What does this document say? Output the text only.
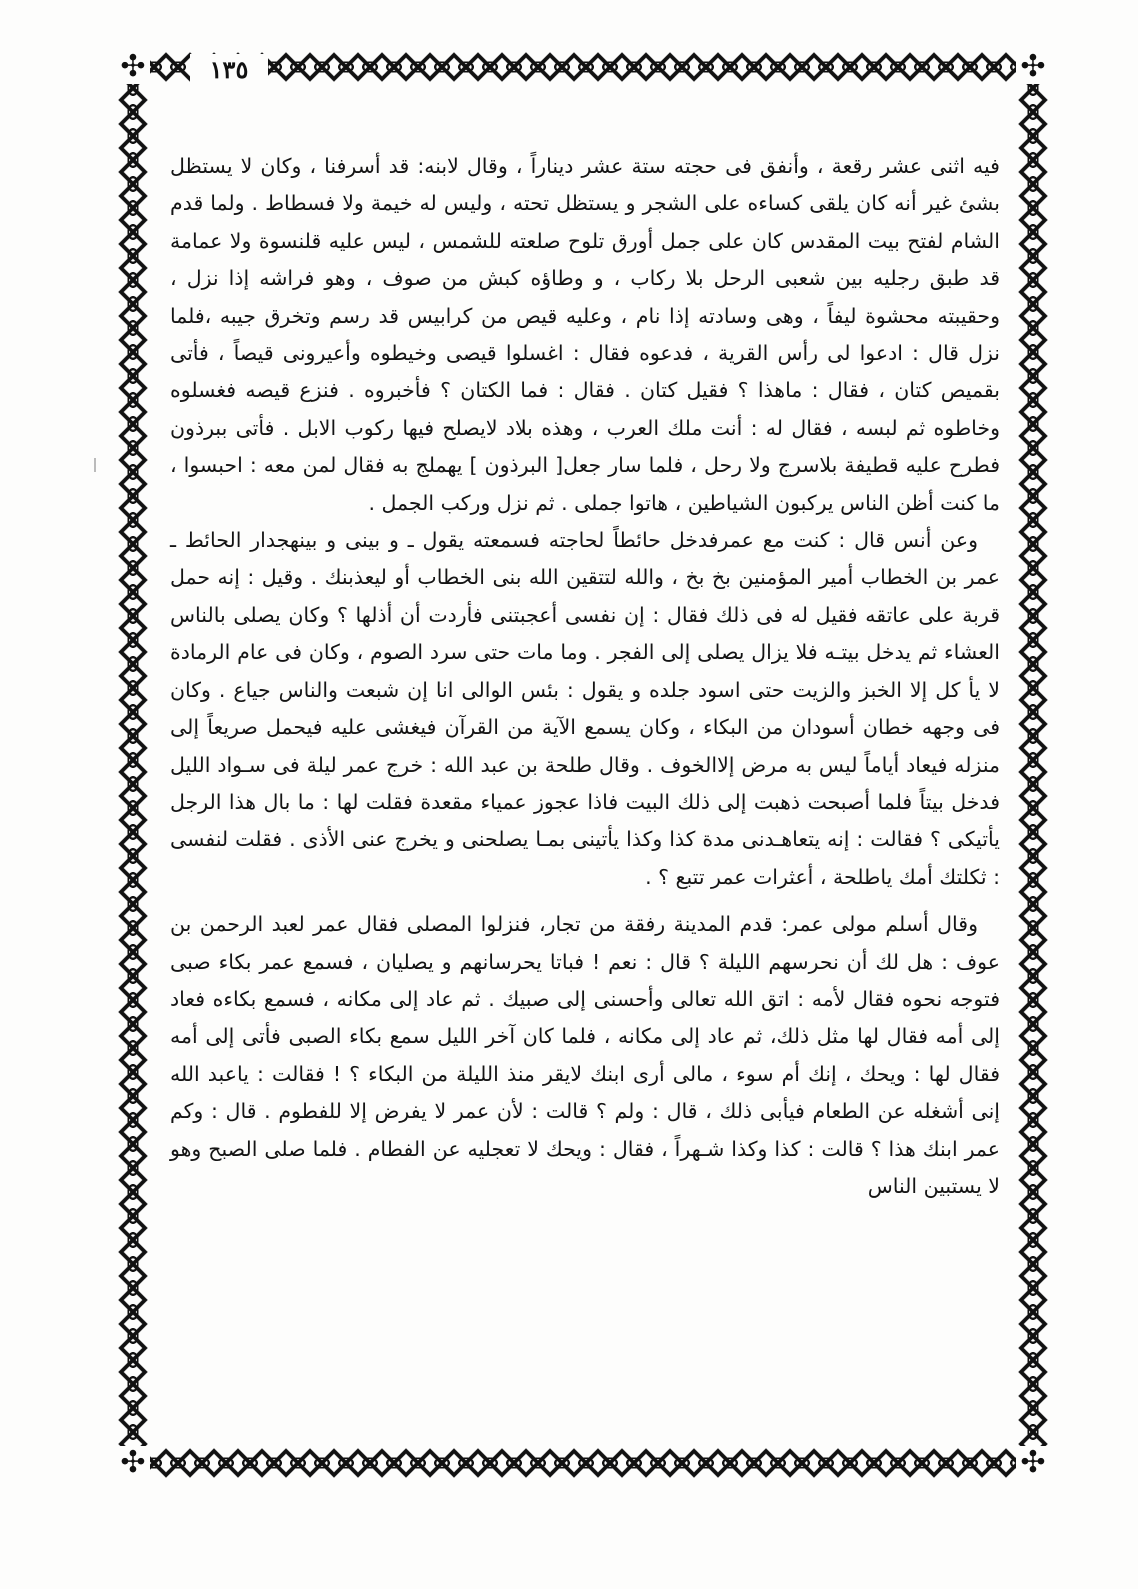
✣	✣
✣	✣
١٣٥

فيه اثنى عشر رقعة ، وأنفق فى حجته ستة عشر ديناراً ، وقال لابنه: قد أسرفنا ، وكان لا يستظل بشئ غير أنه كان يلقى كساءه على الشجر و يستظل تحته ، وليس له خيمة ولا فسطاط . ولما قدم الشام لفتح بيت المقدس كان على جمل أورق تلوح صلعته للشمس ، ليس عليه قلنسوة ولا عمامة قد طبق رجليه بين شعبى الرحل بلا ركاب ، و وطاؤه كبش من صوف ، وهو فراشه إذا نزل ، وحقيبته محشوة ليفاً ، وهى وسادته إذا نام ، وعليه قيص من كرابيس قد رسم وتخرق جيبه ،فلما نزل قال : ادعوا لى رأس القرية ، فدعوه فقال : اغسلوا قيصى وخيطوه وأعيرونى قيصاً ، فأتى بقميص كتان ، فقال : ماهذا ؟ فقيل كتان . فقال : فما الكتان ؟ فأخبروه . فنزع قيصه فغسلوه وخاطوه ثم لبسه ، فقال له : أنت ملك العرب ، وهذه بلاد لايصلح فيها ركوب الابل . فأتى ببرذون فطرح عليه قطيفة بلاسرج ولا رحل ، فلما سار جعل[ البرذون ] يهملج به فقال لمن معه : احبسوا ، ما كنت أظن الناس يركبون الشياطين ، هاتوا جملى . ثم نزل وركب الجمل .

وعن أنس قال : كنت مع عمرفدخل حائطاً لحاجته فسمعته يقول ـ و بينى و بينهجدار الحائط ـ عمر بن الخطاب أمير المؤمنين بخ بخ ، والله لتتقين الله بنى الخطاب أو ليعذبنك . وقيل : إنه حمل قربة على عاتقه فقيل له فى ذلك فقال : إن نفسى أعجبتنى فأردت أن أذلها ؟ وكان يصلى بالناس العشاء ثم يدخل بيتـه فلا يزال يصلى إلى الفجر . وما مات حتى سرد الصوم ، وكان فى عام الرمادة لا يأ كل إلا الخبز والزيت حتى اسود جلده و يقول : بئس الوالى انا إن شبعت والناس جياع . وكان فى وجهه خطان أسودان من البكاء ، وكان يسمع الآية من القرآن فيغشى عليه فيحمل صريعاً إلى منزله فيعاد أياماً ليس به مرض إلاالخوف . وقال طلحة بن عبد الله : خرج عمر ليلة فى سـواد الليل فدخل بيتاً فلما أصبحت ذهبت إلى ذلك البيت فاذا عجوز عمياء مقعدة فقلت لها : ما بال هذا الرجل يأتيكى ؟ فقالت : إنه يتعاهـدنى مدة كذا وكذا يأتينى بمـا يصلحنى و يخرج عنى الأذى . فقلت لنفسى : ثكلتك أمك ياطلحة ، أعثرات عمر تتبع ؟ .

وقال أسلم مولى عمر: قدم المدينة رفقة من تجار، فنزلوا المصلى فقال عمر لعبد الرحمن بن عوف : هل لك أن نحرسهم الليلة ؟ قال : نعم ! فباتا يحرسانهم و يصليان ، فسمع عمر بكاء صبى فتوجه نحوه فقال لأمه : اتق الله تعالى وأحسنى إلى صبيك . ثم عاد إلى مكانه ، فسمع بكاءه فعاد إلى أمه فقال لها مثل ذلك، ثم عاد إلى مكانه ، فلما كان آخر الليل سمع بكاء الصبى فأتى إلى أمه فقال لها : ويحك ، إنك أم سوء ، مالى أرى ابنك لايقر منذ الليلة من البكاء ؟ ! فقالت : ياعبد الله إنى أشغله عن الطعام فيأبى ذلك ، قال : ولم ؟ قالت : لأن عمر لا يفرض إلا للفطوم . قال : وكم عمر ابنك هذا ؟ قالت : كذا وكذا شـهراً ، فقال : ويحك لا تعجليه عن الفطام . فلما صلى الصبح وهو لا يستبين الناس
